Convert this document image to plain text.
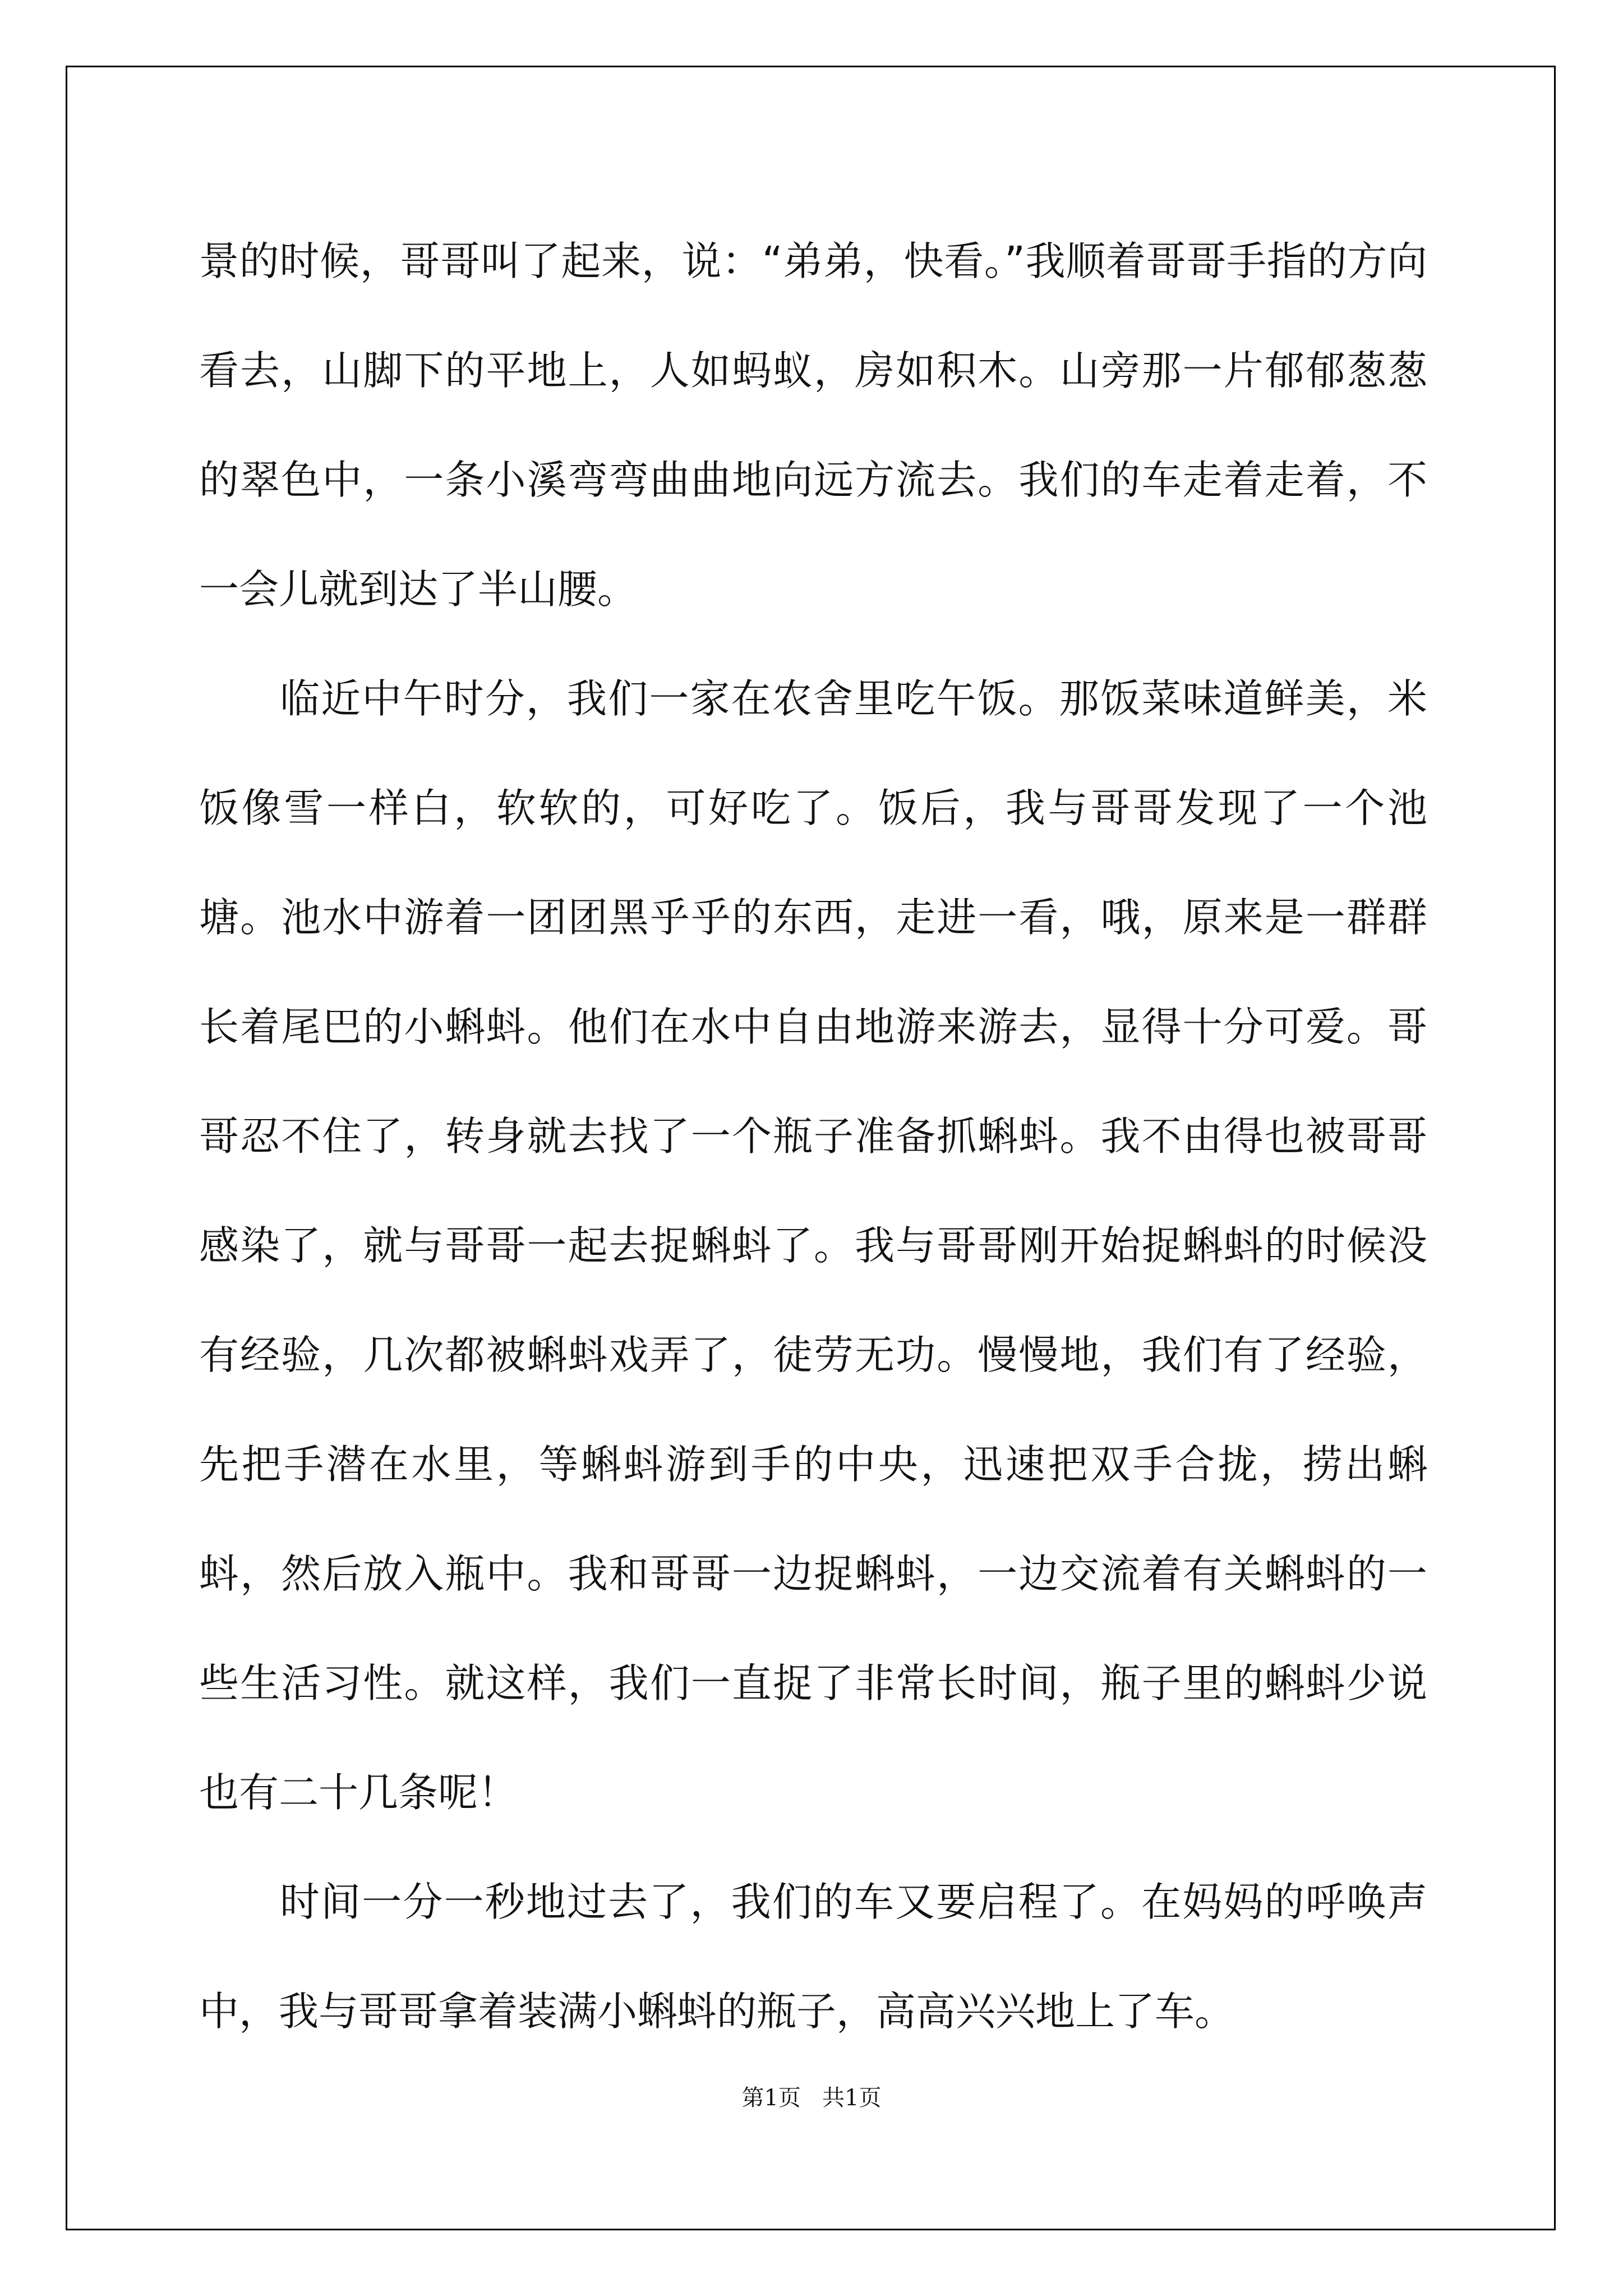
景的时候，哥哥叫了起来，说：“弟弟，快看。”我顺着哥哥手指的方向看去，山脚下的平地上，人如蚂蚁，房如积木。山旁那一片郁郁葱葱的翠色中，一条小溪弯弯曲曲地向远方流去。我们的车走着走着，不一会儿就到达了半山腰。

临近中午时分，我们一家在农舍里吃午饭。那饭菜味道鲜美，米饭像雪一样白，软软的，可好吃了。饭后，我与哥哥发现了一个池塘。池水中游着一团团黑乎乎的东西，走进一看，哦，原来是一群群长着尾巴的小蝌蚪。他们在水中自由地游来游去，显得十分可爱。哥哥忍不住了，转身就去找了一个瓶子准备抓蝌蚪。我不由得也被哥哥感染了，就与哥哥一起去捉蝌蚪了。我与哥哥刚开始捉蝌蚪的时候没有经验，几次都被蝌蚪戏弄了，徒劳无功。慢慢地，我们有了经验，先把手潜在水里，等蝌蚪游到手的中央，迅速把双手合拢，捞出蝌蚪，然后放入瓶中。我和哥哥一边捉蝌蚪，一边交流着有关蝌蚪的一些生活习性。就这样，我们一直捉了非常长时间，瓶子里的蝌蚪少说也有二十几条呢！

时间一分一秒地过去了，我们的车又要启程了。在妈妈的呼唤声中，我与哥哥拿着装满小蝌蚪的瓶子，高高兴兴地上了车。

第1页   共1页
